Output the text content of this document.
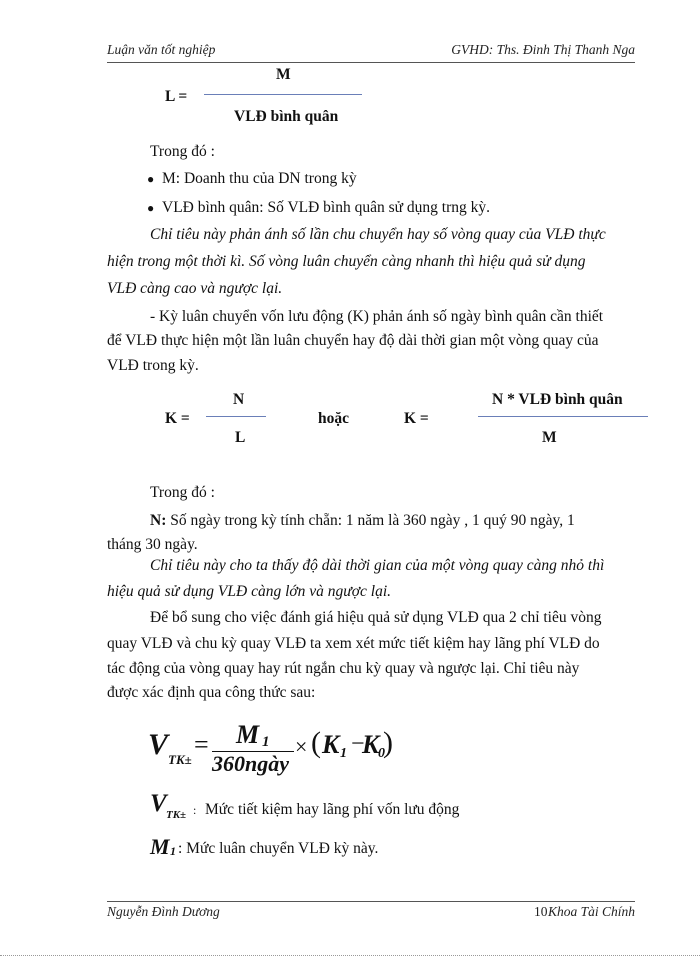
Luận văn tốt nghiệp	GVHD: Ths. Đinh Thị Thanh Nga
L =
M
VLĐ bình quân
Trong đó :
● M: Doanh thu của DN trong kỳ
● VLĐ bình quân: Số VLĐ bình quân sử dụng trng kỳ.
Chỉ tiêu này phản ánh số lần chu chuyển hay số vòng quay của VLĐ thực
hiện trong một thời kì. Số vòng luân chuyển càng nhanh thì hiệu quả sử dụng
VLĐ càng cao và ngược lại.
- Kỳ luân chuyển vốn lưu động (K) phản ánh số ngày bình quân cần thiết
để VLĐ thực hiện một lần luân chuyển hay độ dài thời gian một vòng quay của
VLĐ trong kỳ.
K =
N
L
hoặc	K =
N * VLĐ bình quân
M
Trong đó :
N: Số ngày trong kỳ tính chẵn: 1 năm là 360 ngày , 1 quý 90 ngày, 1
tháng 30 ngày.
Chỉ tiêu này cho ta thấy độ dài thời gian của một vòng quay càng nhỏ thì
hiệu quả sử dụng VLĐ càng lớn và ngược lại.
Để bổ sung cho việc đánh giá hiệu quả sử dụng VLĐ qua 2 chỉ tiêu vòng
quay VLĐ và chu kỳ quay VLĐ ta xem xét mức tiết kiệm hay lãng phí VLĐ do
tác động của vòng quay hay rút ngắn chu kỳ quay và ngược lại. Chỉ tiêu này
được xác định qua công thức sau:
V TK±
= M 1
360ngày
× ( K 1 −
K
0
)
V TK± : Mức tiết kiệm hay lãng phí vốn lưu động
M 1 : Mức luân chuyển VLĐ kỳ này.
Nguyễn Đình Dương	10 Khoa Tài Chính
